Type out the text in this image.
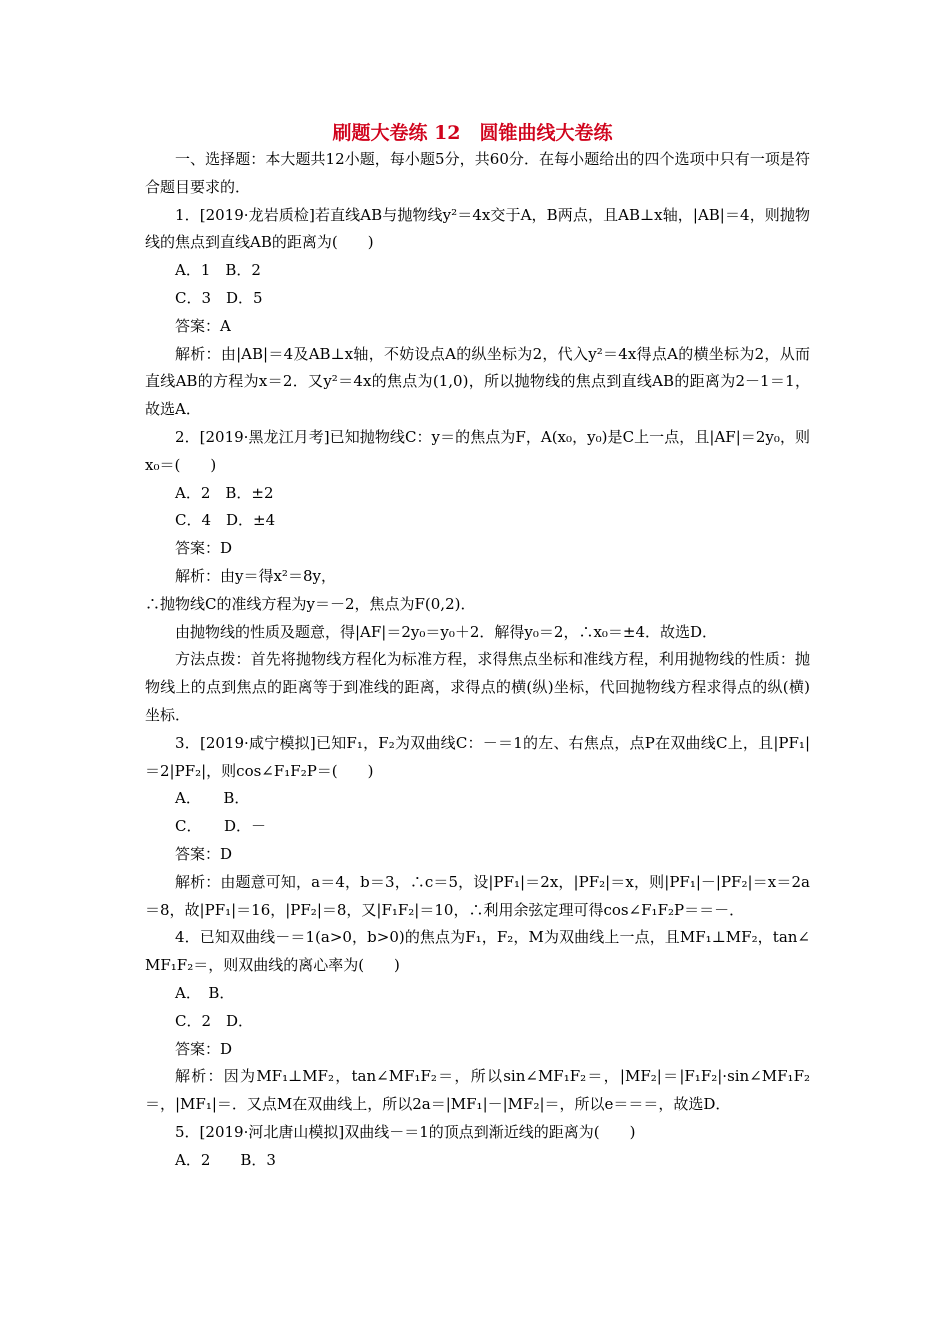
刷题大卷练 12　圆锥曲线大卷练

一、选择题：本大题共12小题，每小题5分，共60分．在每小题给出的四个选项中只有一项是符合题目要求的．

1．[2019·龙岩质检]若直线AB与抛物线y²＝4x交于A，B两点，且AB⊥x轴，|AB|＝4，则抛物线的焦点到直线AB的距离为(　　)

A．1　B．2

C．3　D．5

答案：A

解析：由|AB|＝4及AB⊥x轴，不妨设点A的纵坐标为2，代入y²＝4x得点A的横坐标为2，从而直线AB的方程为x＝2．又y²＝4x的焦点为(1,0)，所以抛物线的焦点到直线AB的距离为2－1＝1，故选A．

2．[2019·黑龙江月考]已知抛物线C：y＝的焦点为F，A(x₀，y₀)是C上一点，且|AF|＝2y₀，则x₀＝(　　)

A．2　B．±2

C．4　D．±4

答案：D

解析：由y＝得x²＝8y，

∴抛物线C的准线方程为y＝－2，焦点为F(0,2)．

由抛物线的性质及题意，得|AF|＝2y₀＝y₀＋2．解得y₀＝2，∴x₀＝±4．故选D．

方法点拨：首先将抛物线方程化为标准方程，求得焦点坐标和准线方程，利用抛物线的性质：抛物线上的点到焦点的距离等于到准线的距离，求得点的横(纵)坐标，代回抛物线方程求得点的纵(横)坐标．

3．[2019·咸宁模拟]已知F₁，F₂为双曲线C：－＝1的左、右焦点，点P在双曲线C上，且|PF₁|＝2|PF₂|，则cos∠F₁F₂P＝(　　)

A．　　B．

C．　　D．－

答案：D

解析：由题意可知，a＝4，b＝3，∴c＝5，设|PF₁|＝2x，|PF₂|＝x，则|PF₁|－|PF₂|＝x＝2a＝8，故|PF₁|＝16，|PF₂|＝8，又|F₁F₂|＝10，∴利用余弦定理可得cos∠F₁F₂P＝＝－．

4．已知双曲线－＝1(a>0，b>0)的焦点为F₁，F₂，M为双曲线上一点，且MF₁⊥MF₂，tan∠MF₁F₂＝，则双曲线的离心率为(　　)

A．　B．

C．2　D．

答案：D

解析：因为MF₁⊥MF₂，tan∠MF₁F₂＝，所以sin∠MF₁F₂＝，|MF₂|＝|F₁F₂|·sin∠MF₁F₂＝，|MF₁|＝．又点M在双曲线上，所以2a＝|MF₁|－|MF₂|＝，所以e＝＝＝，故选D．

5．[2019·河北唐山模拟]双曲线－＝1的顶点到渐近线的距离为(　　)

A．2　　B．3
